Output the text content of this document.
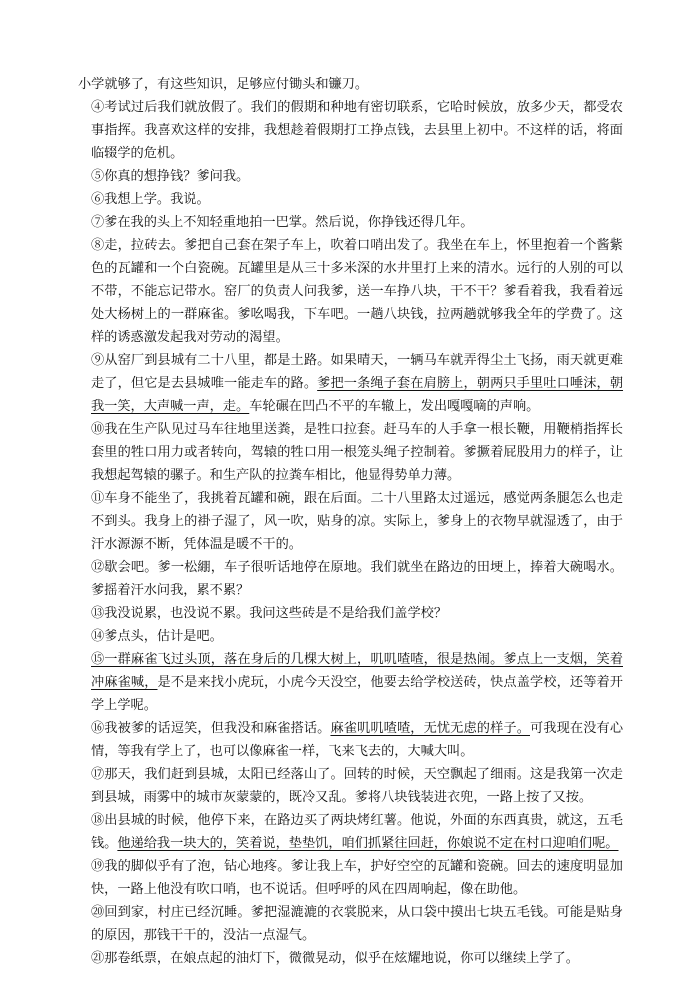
小学就够了，有这些知识，足够应付锄头和镰刀。

④考试过后我们就放假了。我们的假期和种地有密切联系，它哈时候放，放多少天，都受农事指挥。我喜欢这样的安排，我想趁着假期打工挣点钱，去县里上初中。不这样的话，将面临辍学的危机。

⑤你真的想挣钱？爹问我。

⑥我想上学。我说。

⑦爹在我的头上不知轻重地拍一巴掌。然后说，你挣钱还得几年。

⑧走，拉砖去。爹把自己套在架子车上，吹着口哨出发了。我坐在车上，怀里抱着一个酱紫色的瓦罐和一个白瓷碗。瓦罐里是从三十多米深的水井里打上来的清水。远行的人别的可以不带，不能忘记带水。窑厂的负责人问我爹，送一车挣八块，干不干？爹看着我，我看着远处大杨树上的一群麻雀。爹吆喝我，下车吧。一趟八块钱，拉两趟就够我全年的学费了。这样的诱惑激发起我对劳动的渴望。

⑨从窑厂到县城有二十八里，都是土路。如果晴天，一辆马车就弄得尘土飞扬，雨天就更难走了，但它是去县城唯一能走车的路。爹把一条绳子套在肩膀上，朝两只手里吐口唾沫，朝我一笑，大声喊一声，走。车轮碾在凹凸不平的车辙上，发出嘎嘎嘀的声响。

⑩我在生产队见过马车往地里送粪，是牲口拉套。赶马车的人手拿一根长鞭，用鞭梢指挥长套里的牲口用力或者转向，驾辕的牲口用一根笼头绳子控制着。爹撅着屁股用力的样子，让我想起驾辕的骡子。和生产队的拉粪车相比，他显得势单力薄。

⑪车身不能坐了，我挑着瓦罐和碗，跟在后面。二十八里路太过遥远，感觉两条腿怎么也走不到头。我身上的褂子湿了，风一吹，贴身的凉。实际上，爹身上的衣物早就湿透了，由于汗水源源不断，凭体温是暖不干的。

⑫歇会吧。爹一松綳，车子很听话地停在原地。我们就坐在路边的田埂上，捧着大碗喝水。爹摇着汗水问我，累不累？

⑬我没说累，也没说不累。我问这些砖是不是给我们盖学校？

⑭爹点头，估计是吧。

⑮一群麻雀飞过头顶，落在身后的几棵大树上，叽叽喳喳，很是热闹。爹点上一支烟，笑着冲麻雀喊，是不是来找小虎玩，小虎今天没空，他要去给学校送砖，快点盖学校，还等着开学上学呢。

⑯我被爹的话逗笑，但我没和麻雀搭话。麻雀叽叽喳喳，无忧无虑的样子。可我现在没有心情，等我有学上了，也可以像麻雀一样，飞来飞去的，大喊大叫。

⑰那天，我们赶到县城，太阳已经落山了。回转的时候，天空飘起了细雨。这是我第一次走到县城，雨雾中的城市灰蒙蒙的，既冷又乱。爹将八块钱装进衣兜，一路上按了又按。

⑱出县城的时候，他停下来，在路边买了两块烤红薯。他说，外面的东西真贵，就这，五毛钱。他递给我一块大的，笑着说，垫垫饥，咱们抓紧往回赶，你娘说不定在村口迎咱们呢。

⑲我的脚似乎有了泡，钻心地疼。爹让我上车，护好空空的瓦罐和瓷碗。回去的速度明显加快，一路上他没有吹口哨，也不说话。但呼呼的风在四周响起，像在助他。

⑳回到家，村庄已经沉睡。爹把湿漉漉的衣裳脱来，从口袋中摸出七块五毛钱。可能是贴身的原因，那钱干干的，没沾一点湿气。

㉑那卷纸票，在娘点起的油灯下，微微晃动，似乎在炫耀地说，你可以继续上学了。
